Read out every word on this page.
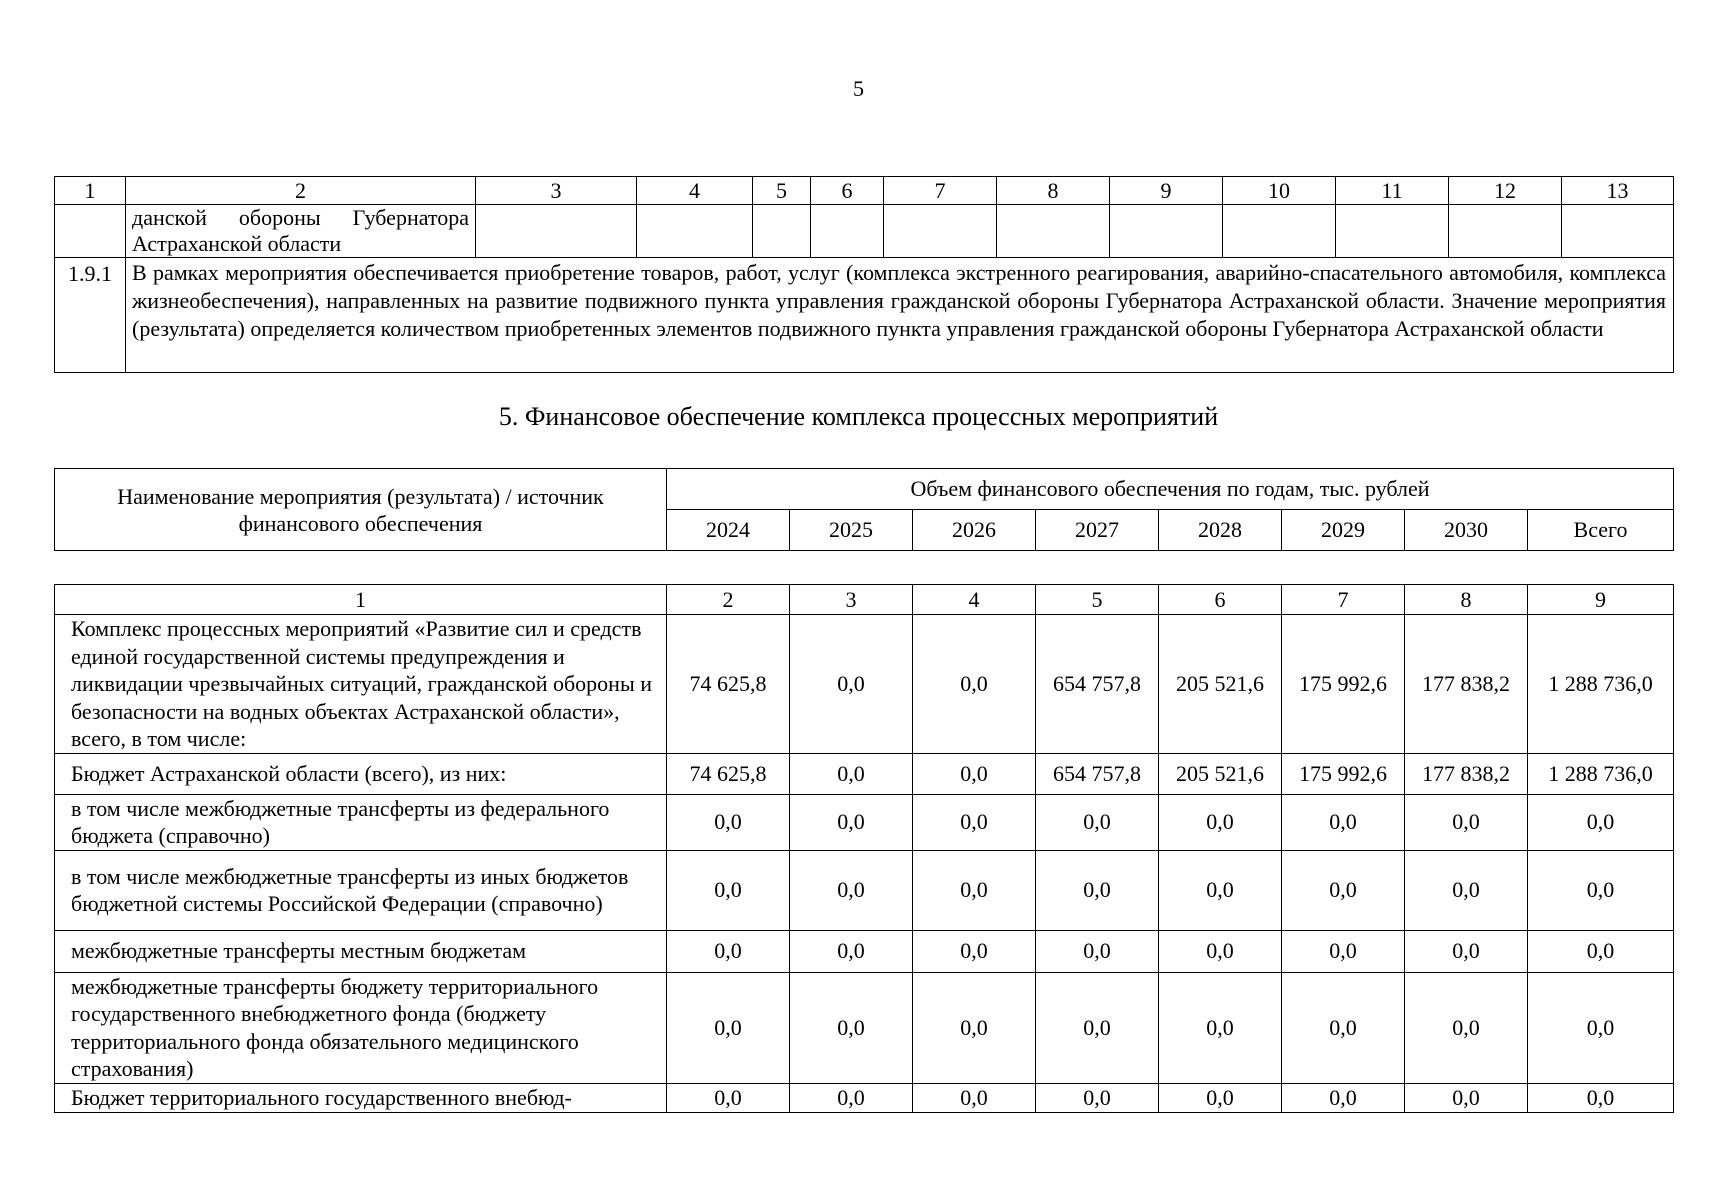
5
1	2	3	4	5	6	7	8	9	10	11	12	13

	данской обороны Губернатора
Астраханской области											

1.9.1	В рамках мероприятия обеспечивается приобретение товаров, работ, услуг (комплекса экстренного реагирования, аварийно-спасательного автомобиля, комплекса жизнеобеспечения), направленных на развитие подвижного пункта управления гражданской обороны Губернатора Астраханской области. Значение мероприятия (результата) определяется количеством приобретенных элементов подвижного пункта управления гражданской обороны Губернатора Астраханской области											
5. Финансовое обеспечение комплекса процессных мероприятий
Наименование мероприятия (результата) / источник финансового обеспечения	Объем финансового обеспечения по годам, тыс. рублей							
	2024	2025	2026	2027	2028	2029	2030	Всего
1	2	3	4	5	6	7	8	9
Комплекс процессных мероприятий «Развитие сил и средств единой государственной системы предупреждения и ликвидации чрезвычайных ситуаций, гражданской обороны и безопасности на водных объектах Астраханской области», всего, в том числе:	74 625,8	0,0	0,0	654 757,8	205 521,6	175 992,6	177 838,2	1 288 736,0
Бюджет Астраханской области (всего), из них:	74 625,8	0,0	0,0	654 757,8	205 521,6	175 992,6	177 838,2	1 288 736,0
в том числе межбюджетные трансферты из федерального бюджета (справочно)	0,0	0,0	0,0	0,0	0,0	0,0	0,0	0,0
в том числе межбюджетные трансферты из иных бюджетов бюджетной системы Российской Федерации (справочно)	0,0	0,0	0,0	0,0	0,0	0,0	0,0	0,0
межбюджетные трансферты местным бюджетам	0,0	0,0	0,0	0,0	0,0	0,0	0,0	0,0
межбюджетные трансферты бюджету территориального государственного внебюджетного фонда (бюджету территориального фонда обязательного медицинского страхования)	0,0	0,0	0,0	0,0	0,0	0,0	0,0	0,0
Бюджет территориального государственного внебюд-	0,0	0,0	0,0	0,0	0,0	0,0	0,0	0,0
